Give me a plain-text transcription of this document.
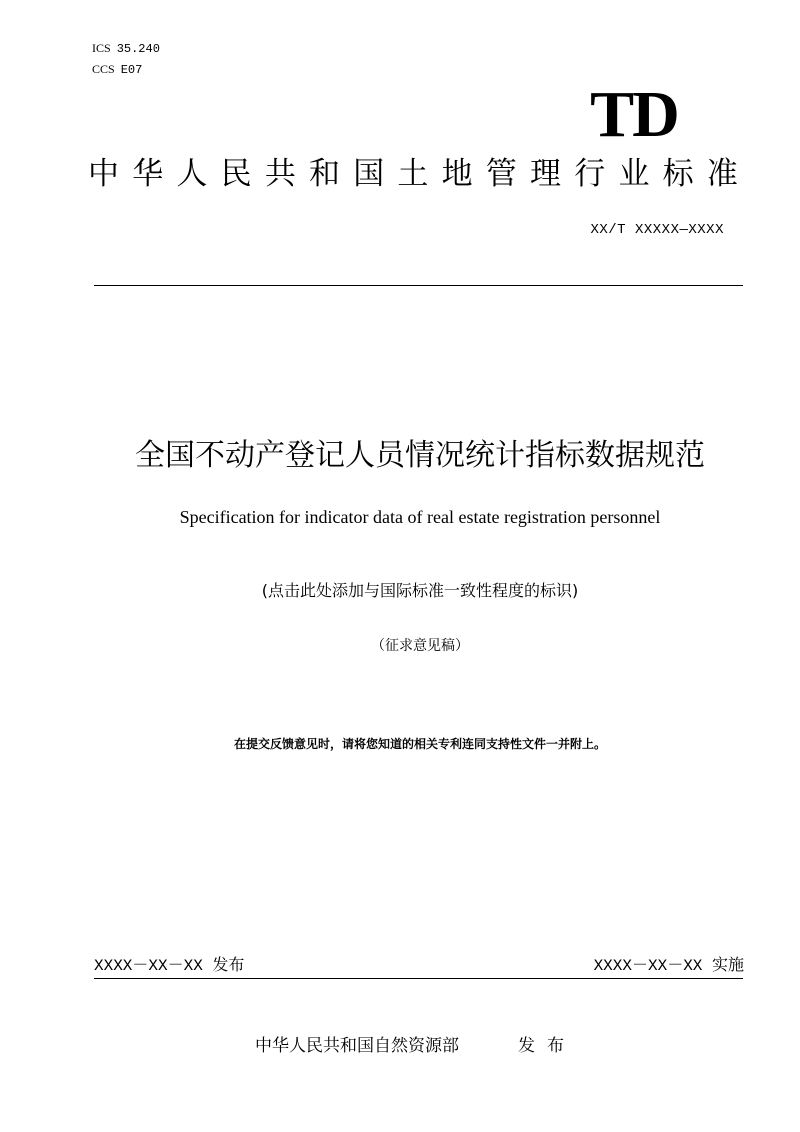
ICS 35.240
CCS E07
TD
中 华 人 民 共 和 国 土 地 管 理 行 业 标 准
XX/T XXXXX—XXXX
全国不动产登记人员情况统计指标数据规范
Specification for indicator data of real estate registration personnel
(点击此处添加与国际标准一致性程度的标识)
（征求意见稿）
在提交反馈意见时，请将您知道的相关专利连同支持性文件一并附上。
XXXX－XX－XX 发布	XXXX－XX－XX 实施
中华人民共和国自然资源部	发布
